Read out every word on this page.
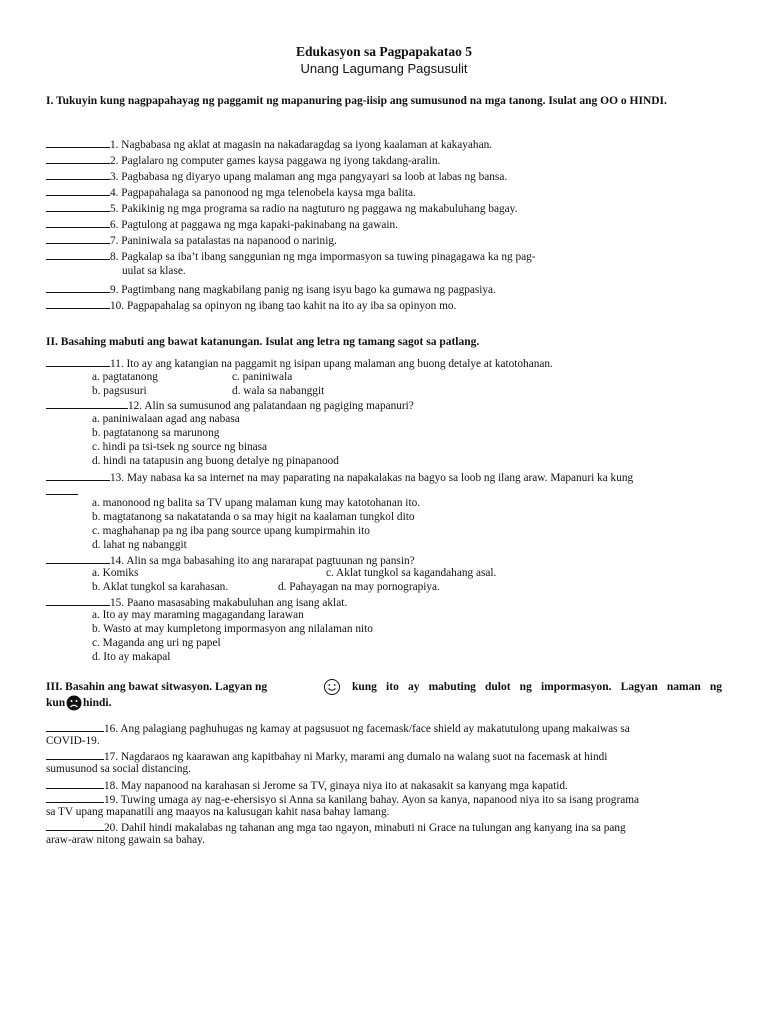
Edukasyon sa Pagpapakatao 5
Unang Lagumang Pagsusulit
I. Tukuyin kung nagpapahayag ng paggamit ng mapanuring pag-iisip ang sumusunod na mga tanong. Isulat ang OO o HINDI.
1. Nagbabasa ng aklat at magasin na nakadaragdag sa iyong kaalaman at kakayahan.
2. Paglalaro ng computer games kaysa paggawa ng iyong takdang-aralin.
3. Pagbabasa ng diyaryo upang malaman ang mga pangyayari sa loob at labas ng bansa.
4. Pagpapahalaga sa panonood ng mga telenobela kaysa mga balita.
5. Pakikinig ng mga programa sa radio na nagtuturo ng paggawa ng makabuluhang bagay.
6. Pagtulong at paggawa ng mga kapaki-pakinabang na gawain.
7. Paniniwala sa patalastas na napanood o narinig.
8. Pagkalap sa iba’t ibang sanggunian ng mga impormasyon sa tuwing pinagagawa ka ng pag-
uulat sa klase.
9. Pagtimbang nang magkabilang panig ng isang isyu bago ka gumawa ng pagpasiya.
10. Pagpapahalag sa opinyon ng ibang tao kahit na ito ay iba sa opinyon mo.
II. Basahing mabuti ang bawat katanungan. Isulat ang letra ng tamang sagot sa patlang.
11. Ito ay ang katangian na paggamit ng isipan upang malaman ang buong detalye at katotohanan.
a. pagtatanong	c. paniniwala
b. pagsusuri	d. wala sa nabanggit
12. Alin sa sumusunod ang palatandaan ng pagiging mapanuri?
a. paniniwalaan agad ang nabasa
b. pagtatanong sa marunong
c. hindi pa tsi-tsek ng source ng binasa
d. hindi na tatapusin ang buong detalye ng pinapanood
13. May nabasa ka sa internet na may paparating na napakalakas na bagyo sa loob ng ilang araw. Mapanuri ka kung
a. manonood ng balita sa TV upang malaman kung may katotohanan ito.
b. magtatanong sa nakatatanda o sa may higit na kaalaman tungkol dito
c. maghahanap pa ng iba pang source upang kumpirmahin ito
d. lahat ng nabanggit
14. Alin sa mga babasahing ito ang nararapat pagtuunan ng pansin?
a. Komiks	c. Aklat tungkol sa kagandahang asal.
b. Aklat tungkol sa karahasan.	d. Pahayagan na may pornograpiya.
15. Paano masasabing makabuluhan ang isang aklat.
a. Ito ay may maraming magagandang larawan
b. Wasto at may kumpletong impormasyon ang nilalaman nito
c. Maganda ang uri ng papel
d. Ito ay makapal
III. Basahin ang bawat sitwasyon. Lagyan ng	kung ito ay mabuting dulot ng impormasyon. Lagyan naman ng
kun hindi.
16. Ang palagiang paghuhugas ng kamay at pagsusuot ng facemask/face shield ay makatutulong upang makaiwas sa
COVID-19.
17. Nagdaraos ng kaarawan ang kapitbahay ni Marky, marami ang dumalo na walang suot na facemask at hindi
sumusunod sa social distancing.
18. May napanood na karahasan si Jerome sa TV, ginaya niya ito at nakasakit sa kanyang mga kapatid.
19. Tuwing umaga ay nag-e-ehersisyo si Anna sa kanilang bahay. Ayon sa kanya, napanood niya ito sa isang programa
sa TV upang mapanatili ang maayos na kalusugan kahit nasa bahay lamang.
20. Dahil hindi makalabas ng tahanan ang mga tao ngayon, minabuti ni Grace na tulungan ang kanyang ina sa pang
araw-araw nitong gawain sa bahay.
